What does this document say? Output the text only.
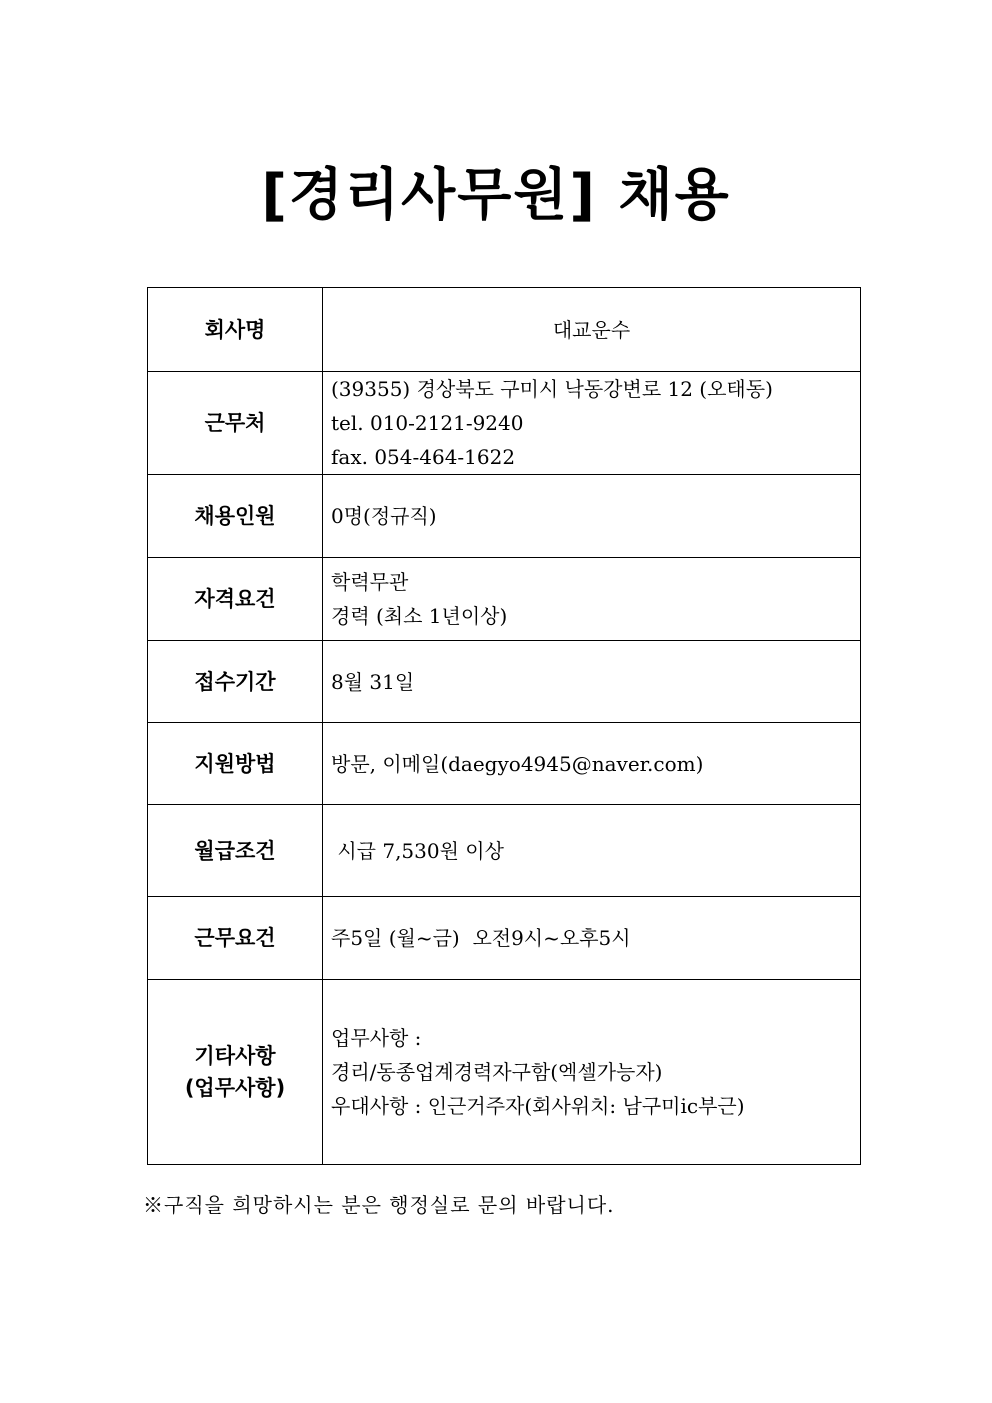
[경리사무원] 채용
회사명	대교운수

근무처	(39355) 경상북도 구미시 낙동강변로 12 (오태동)
tel. 010-2121-9240
fax. 054-464-1622

채용인원	0명(정규직)

자격요건	학력무관
경력 (최소 1년이상)

접수기간	8월 31일

지원방법	방문, 이메일(daegyo4945@naver.com)

월급조건	시급 7,530원 이상

근무요건	주5일 (월~금)  오전9시~오후5시

기타사항
(업무사항)	업무사항 :
경리/동종업계경력자구함(엑셀가능자)
우대사항 : 인근거주자(회사위치: 남구미ic부근)
※구직을 희망하시는 분은 행정실로 문의 바랍니다.
